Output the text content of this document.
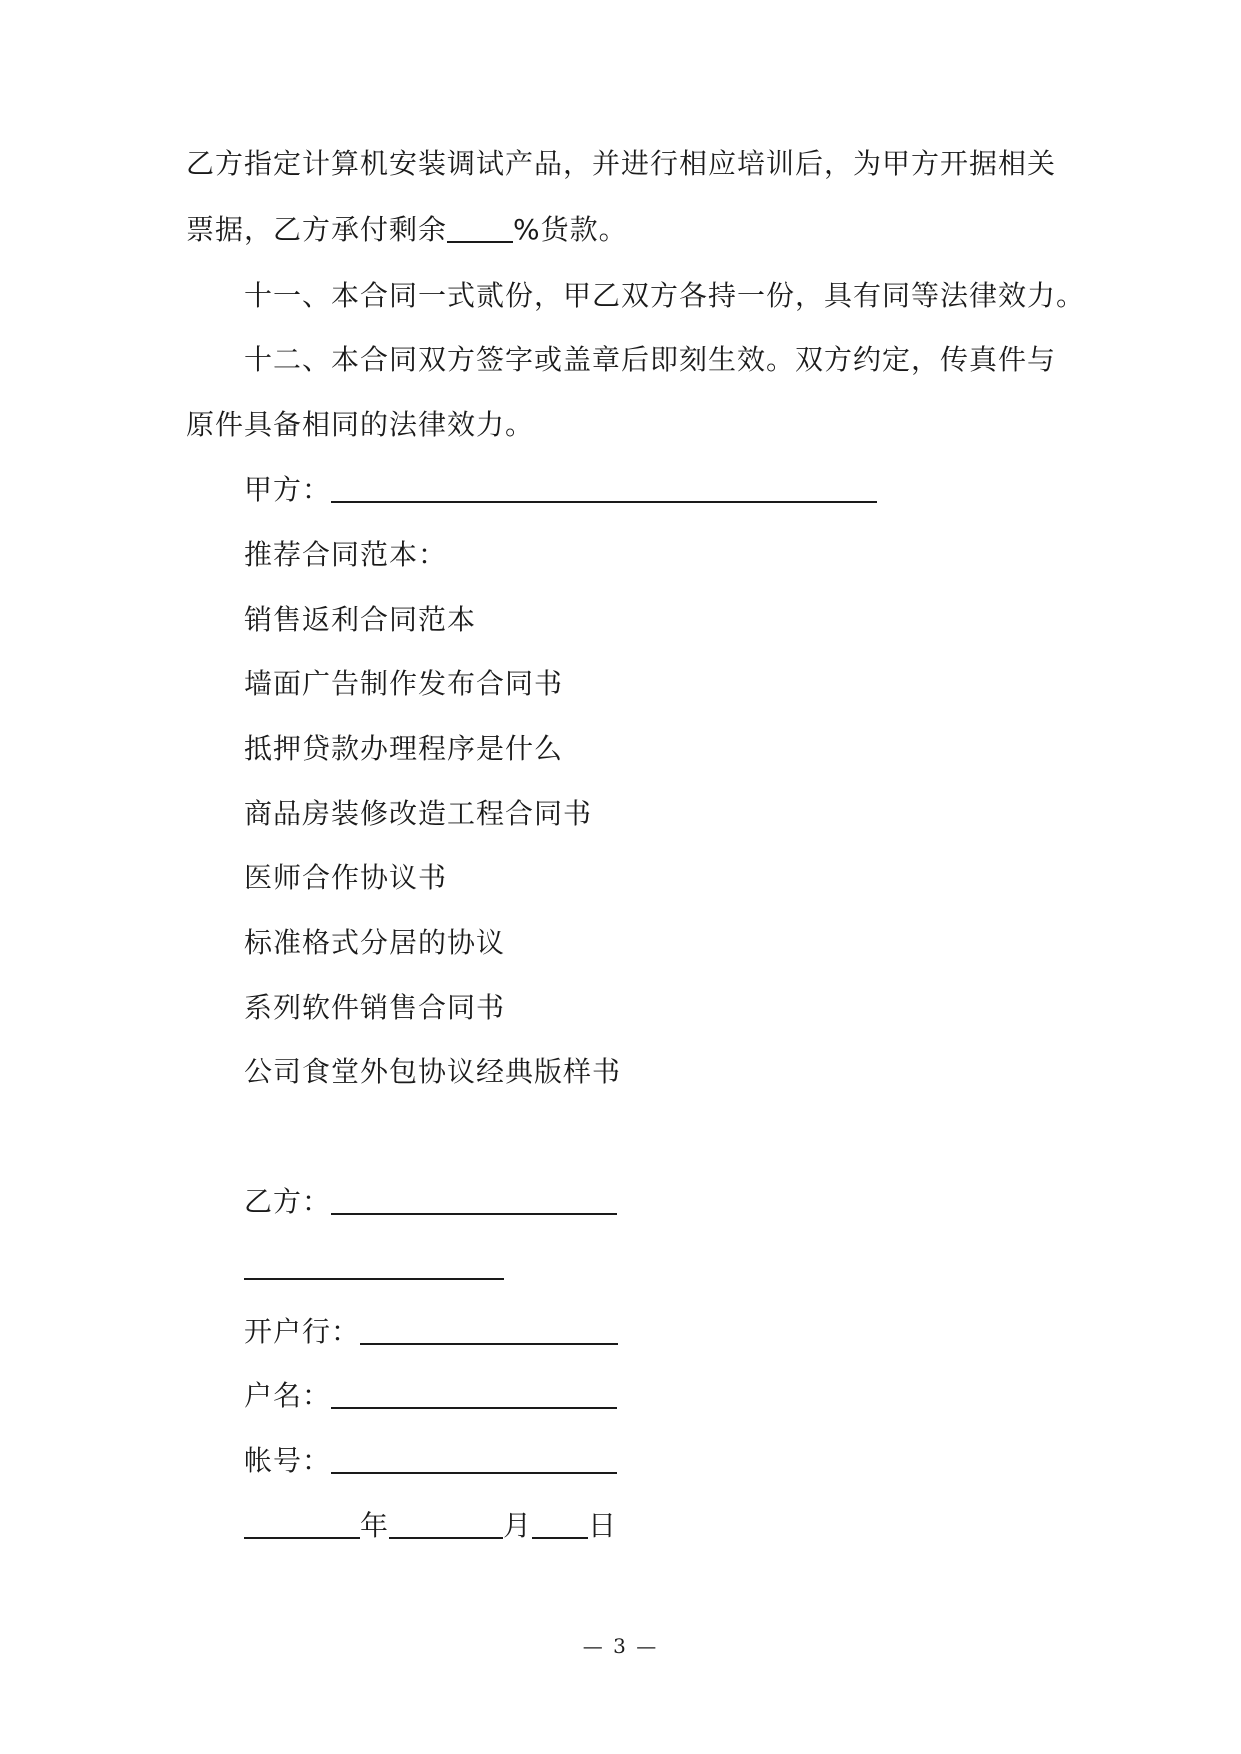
乙方指定计算机安装调试产品，并进行相应培训后，为甲方开据相关
票据，乙方承付剩余 %货款。
十一、本合同一式贰份，甲乙双方各持一份，具有同等法律效力。
十二、本合同双方签字或盖章后即刻生效。双方约定，传真件与
原件具备相同的法律效力。
甲方：
推荐合同范本：
销售返利合同范本
墙面广告制作发布合同书
抵押贷款办理程序是什么
商品房装修改造工程合同书
医师合作协议书
标准格式分居的协议
系列软件销售合同书
公司食堂外包协议经典版样书
乙方：
开户行：
户名：
帐号：
年	月 日
— 3 —
